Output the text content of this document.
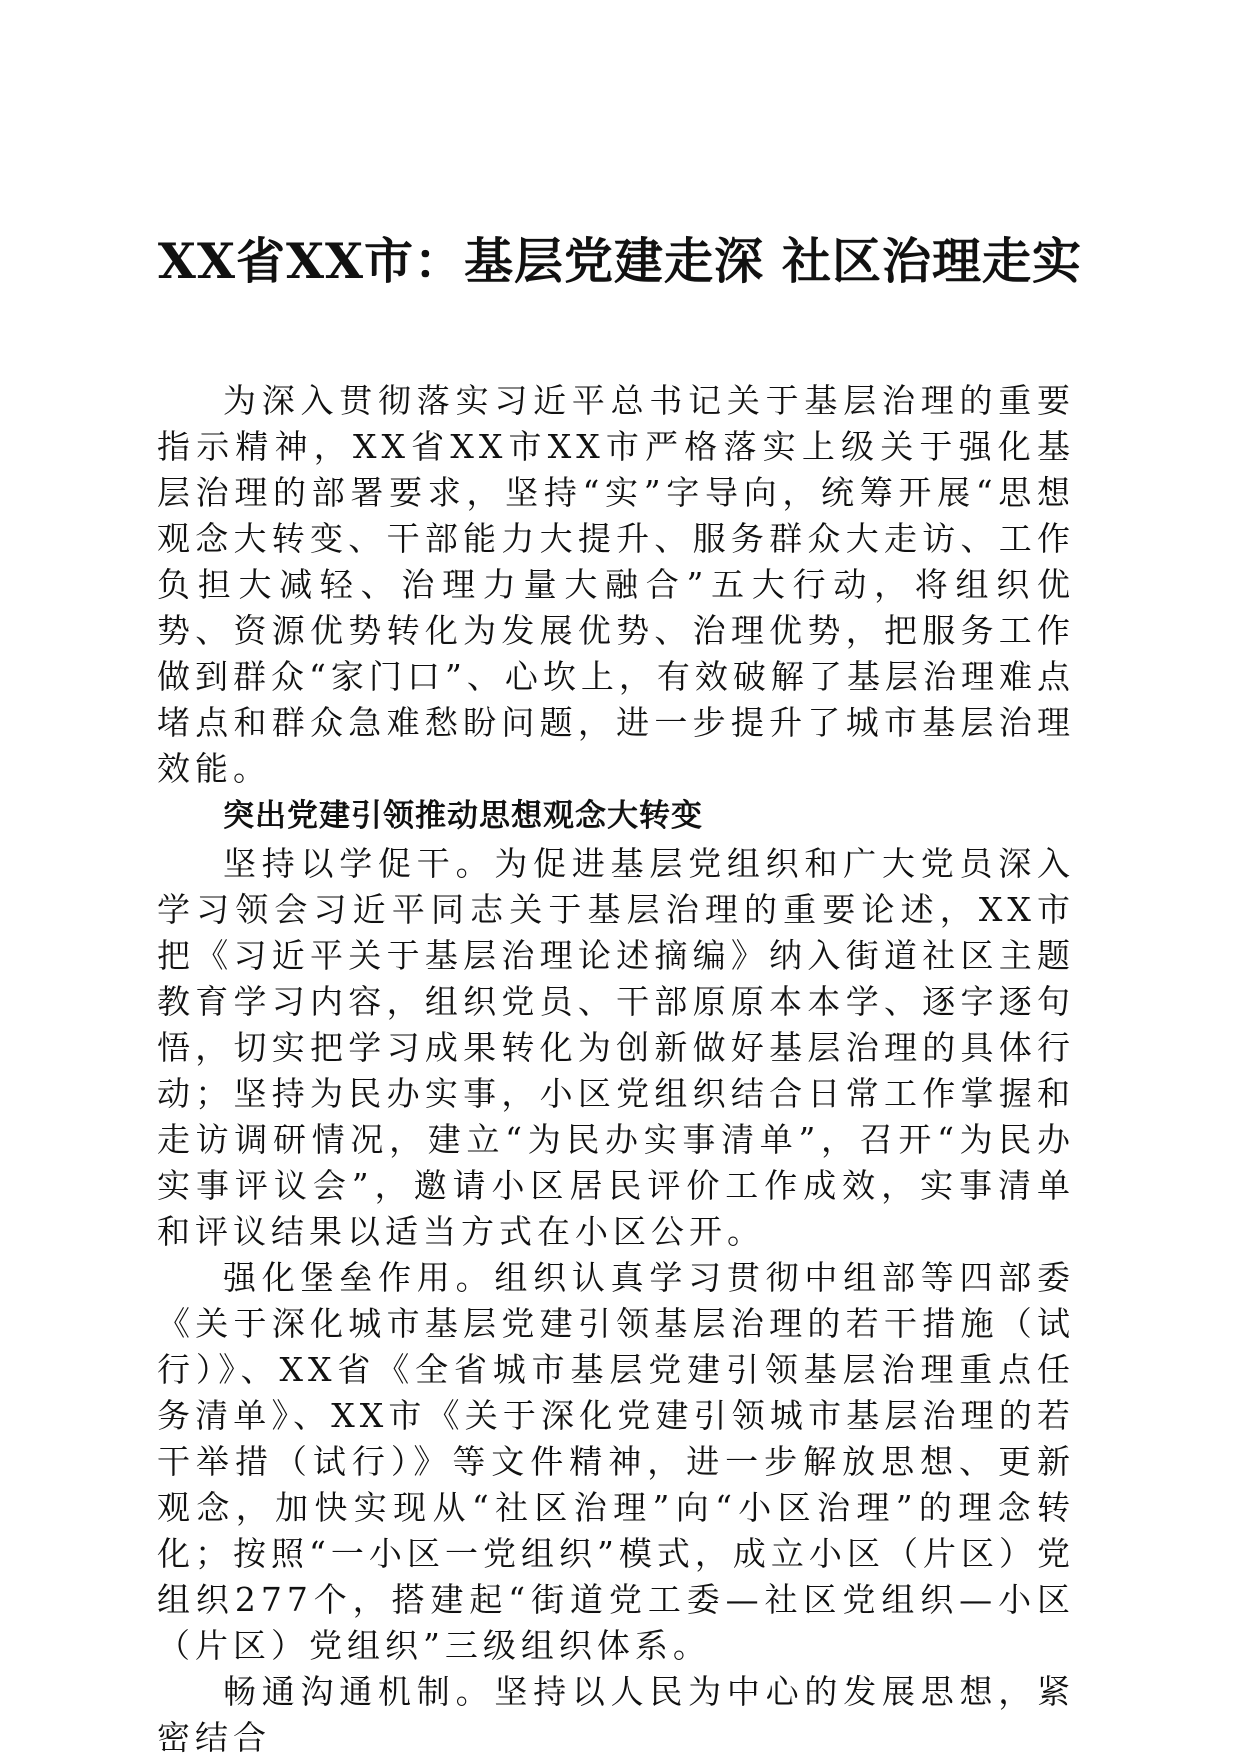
XX省XX市：基层党建走深 社区治理走实

为深入贯彻落实习近平总书记关于基层治理的重要指示精神，XX省XX市XX市严格落实上级关于强化基层治理的部署要求，坚持“实”字导向，统筹开展“思想观念大转变、干部能力大提升、服务群众大走访、工作负担大减轻、治理力量大融合”五大行动，将组织优势、资源优势转化为发展优势、治理优势，把服务工作做到群众“家门口”、心坎上，有效破解了基层治理难点堵点和群众急难愁盼问题，进一步提升了城市基层治理效能。

突出党建引领推动思想观念大转变

坚持以学促干。为促进基层党组织和广大党员深入学习领会习近平同志关于基层治理的重要论述，XX市把《习近平关于基层治理论述摘编》纳入街道社区主题教育学习内容，组织党员、干部原原本本学、逐字逐句悟，切实把学习成果转化为创新做好基层治理的具体行动；坚持为民办实事，小区党组织结合日常工作掌握和走访调研情况，建立“为民办实事清单”，召开“为民办实事评议会”，邀请小区居民评价工作成效，实事清单和评议结果以适当方式在小区公开。

强化堡垒作用。组织认真学习贯彻中组部等四部委《关于深化城市基层党建引领基层治理的若干措施（试行）》、XX省《全省城市基层党建引领基层治理重点任务清单》、XX市《关于深化党建引领城市基层治理的若干举措（试行）》等文件精神，进一步解放思想、更新观念，加快实现从“社区治理”向“小区治理”的理念转化；按照“一小区一党组织”模式，成立小区（片区）党组织277个，搭建起“街道党工委—社区党组织—小区（片区）党组织”三级组织体系。

畅通沟通机制。坚持以人民为中心的发展思想，紧密结合
